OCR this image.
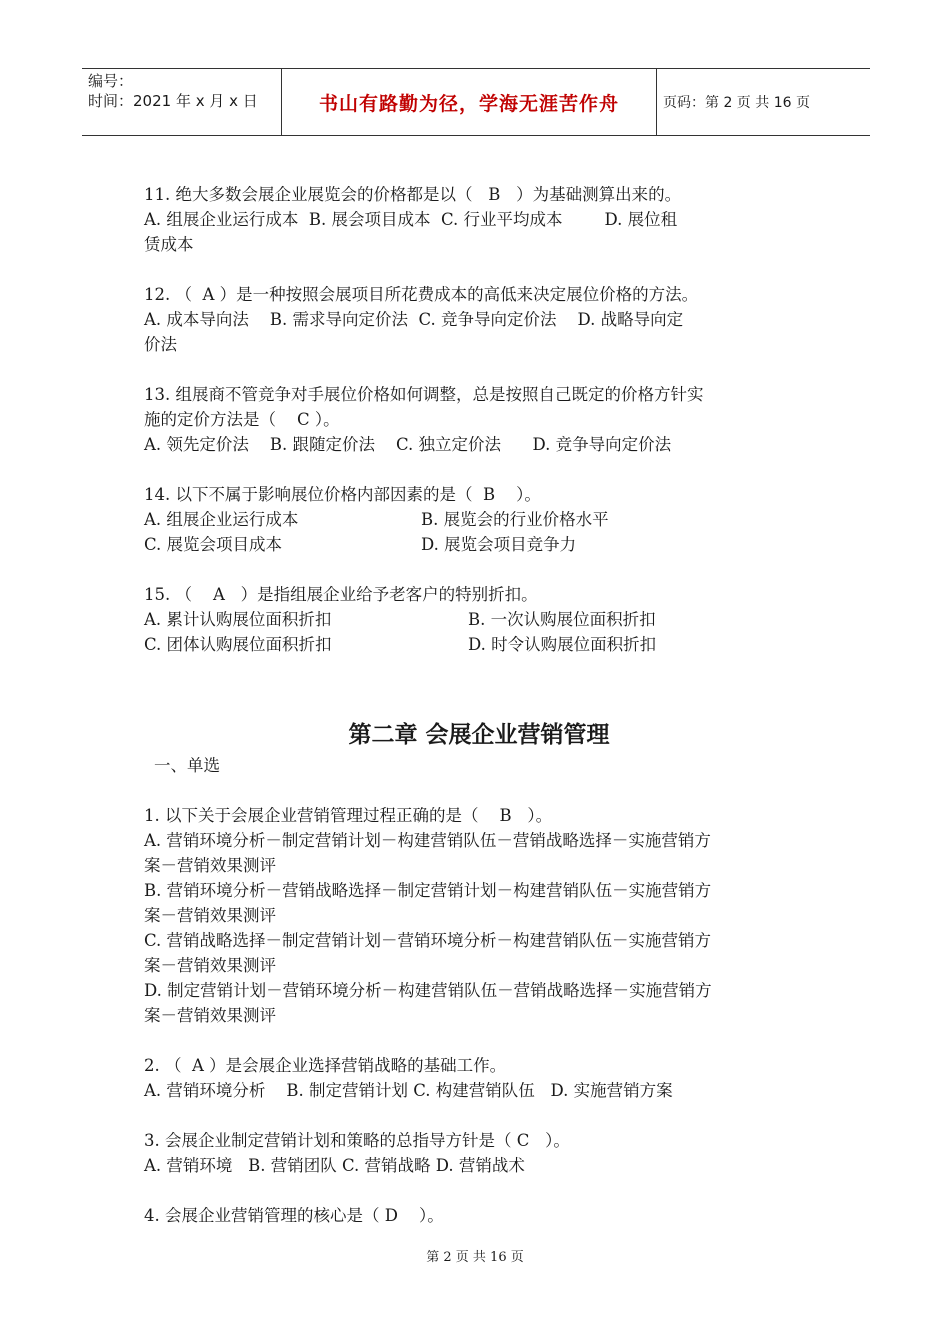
编号：
时间：2021 年 x 月 x 日	书山有路勤为径，学海无涯苦作舟	页码：第 2 页 共 16 页

11. 绝大多数会展企业展览会的价格都是以（   B   ）为基础测算出来的。

A. 组展企业运行成本  B. 展会项目成本  C. 行业平均成本        D. 展位租

赁成本

12. （  A ）是一种按照会展项目所花费成本的高低来决定展位价格的方法。

A. 成本导向法    B. 需求导向定价法  C. 竞争导向定价法    D. 战略导向定

价法

13. 组展商不管竞争对手展位价格如何调整，总是按照自己既定的价格方针实

施的定价方法是（    C ）。

A. 领先定价法    B. 跟随定价法    C. 独立定价法      D. 竞争导向定价法

14. 以下不属于影响展位价格内部因素的是（  B    ）。

A. 组展企业运行成本	B. 展览会的行业价格水平
C. 展览会项目成本	D. 展览会项目竞争力

15. （    A   ）是指组展企业给予老客户的特别折扣。

A. 累计认购展位面积折扣	B. 一次认购展位面积折扣
C. 团体认购展位面积折扣	D. 时令认购展位面积折扣

第二章 会展企业营销管理

一、单选

1. 以下关于会展企业营销管理过程正确的是（    B   ）。

A. 营销环境分析－制定营销计划－构建营销队伍－营销战略选择－实施营销方

案－营销效果测评

B. 营销环境分析－营销战略选择－制定营销计划－构建营销队伍－实施营销方

案－营销效果测评

C. 营销战略选择－制定营销计划－营销环境分析－构建营销队伍－实施营销方

案－营销效果测评

D. 制定营销计划－营销环境分析－构建营销队伍－营销战略选择－实施营销方

案－营销效果测评

2. （  A ）是会展企业选择营销战略的基础工作。

A. 营销环境分析    B. 制定营销计划 C. 构建营销队伍   D. 实施营销方案

3. 会展企业制定营销计划和策略的总指导方针是（ C   ）。

A. 营销环境   B. 营销团队 C. 营销战略 D. 营销战术

4. 会展企业营销管理的核心是（ D    ）。

第 2 页 共 16 页
